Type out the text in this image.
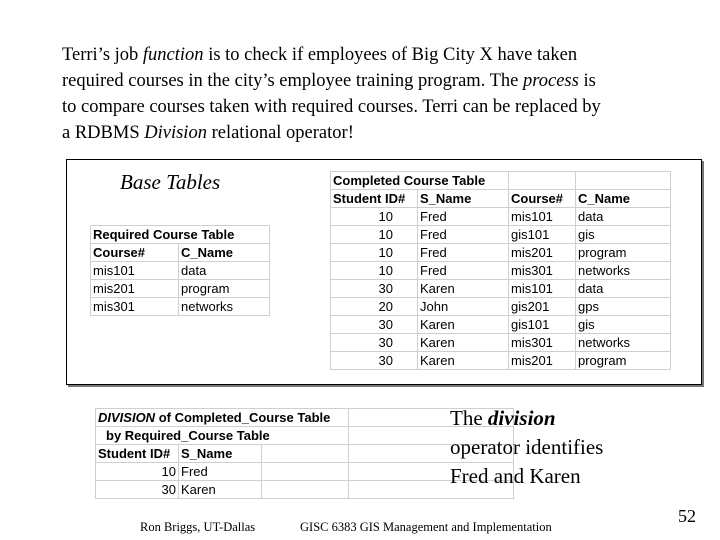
Terri’s job function is to check if employees of Big City X have taken
required courses in the city’s employee training program. The process is
to compare courses taken with required courses. Terri can be replaced by
a RDBMS Division relational operator!
Base Tables
Required Course Table	
Course#	C_Name
mis101	data
mis201	program
mis301	networks
Completed Course Table			
Student ID#	S_Name	Course#	C_Name
10	Fred	mis101	data
10	Fred	gis101	gis
10	Fred	mis201	program
10	Fred	mis301	networks
30	Karen	mis101	data
20	John	gis201	gps
30	Karen	gis101	gis
30	Karen	mis301	networks
30	Karen	mis201	program
DIVISION of Completed_Course Table			
by Required_Course Table			
Student ID#	S_Name		
10	Fred		
30	Karen		
The division
operator identifies
Fred and Karen
Ron Briggs, UT-Dallas	GISC 6383 GIS Management and Implementation
52
